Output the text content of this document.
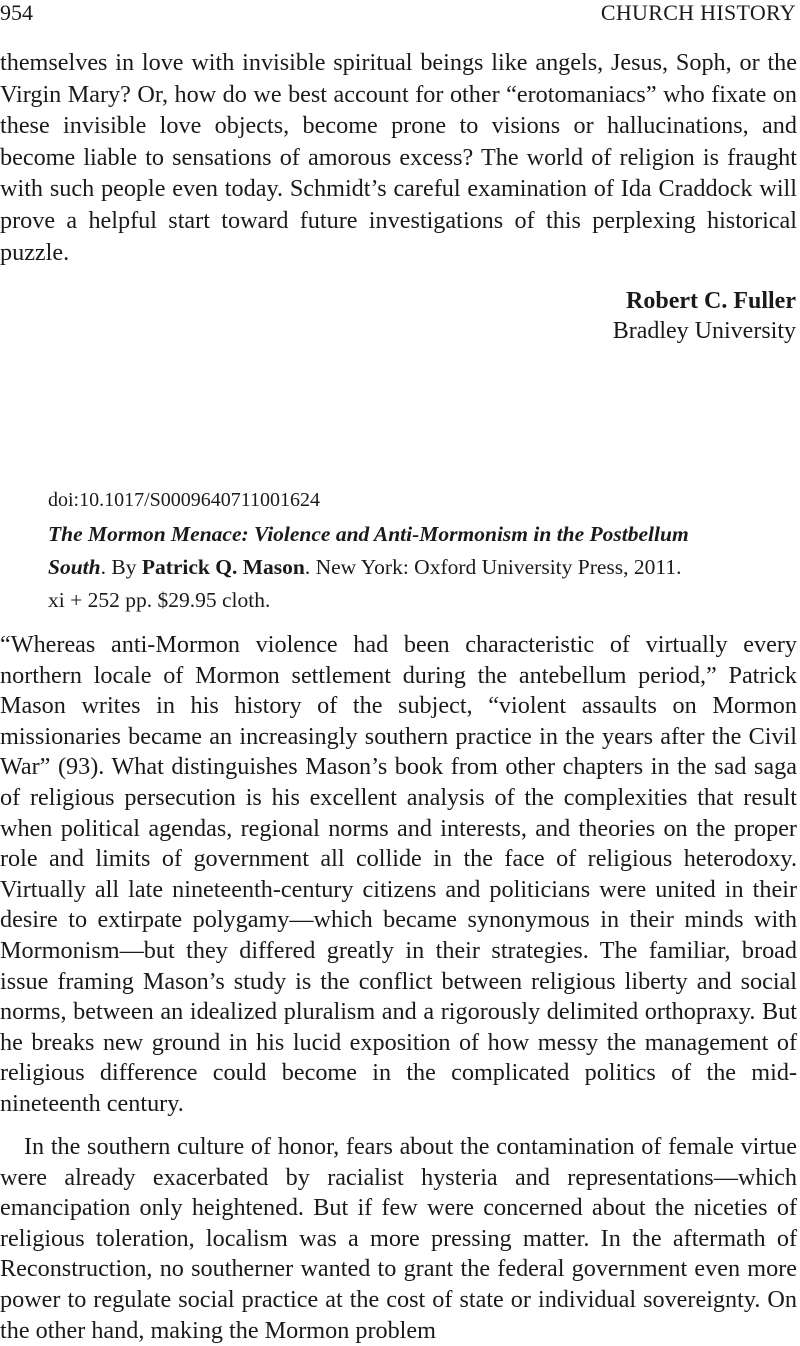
954	CHURCH HISTORY

themselves in love with invisible spiritual beings like angels, Jesus, Soph, or the Virgin Mary? Or, how do we best account for other “erotomaniacs” who fixate on these invisible love objects, become prone to visions or hallucinations, and become liable to sensations of amorous excess? The world of religion is fraught with such people even today. Schmidt’s careful examination of Ida Craddock will prove a helpful start toward future investigations of this perplexing historical puzzle.

Robert C. Fuller
Bradley University
doi:10.1017/S0009640711001624
The Mormon Menace: Violence and Anti-Mormonism in the Postbellum South. By Patrick Q. Mason. New York: Oxford University Press, 2011. xi + 252 pp. $29.95 cloth.

“Whereas anti-Mormon violence had been characteristic of virtually every northern locale of Mormon settlement during the antebellum period,” Patrick Mason writes in his history of the subject, “violent assaults on Mormon missionaries became an increasingly southern practice in the years after the Civil War” (93). What distinguishes Mason’s book from other chapters in the sad saga of religious persecution is his excellent analysis of the complexities that result when political agendas, regional norms and interests, and theories on the proper role and limits of government all collide in the face of religious heterodoxy. Virtually all late nineteenth-century citizens and politicians were united in their desire to extirpate polygamy—which became synonymous in their minds with Mormonism—but they differed greatly in their strategies. The familiar, broad issue framing Mason’s study is the conflict between religious liberty and social norms, between an idealized pluralism and a rigorously delimited orthopraxy. But he breaks new ground in his lucid exposition of how messy the management of religious difference could become in the complicated politics of the mid-nineteenth century.

In the southern culture of honor, fears about the contamination of female virtue were already exacerbated by racialist hysteria and representations—which emancipation only heightened. But if few were concerned about the niceties of religious toleration, localism was a more pressing matter. In the aftermath of Reconstruction, no southerner wanted to grant the federal government even more power to regulate social practice at the cost of state or individual sovereignty. On the other hand, making the Mormon problem
